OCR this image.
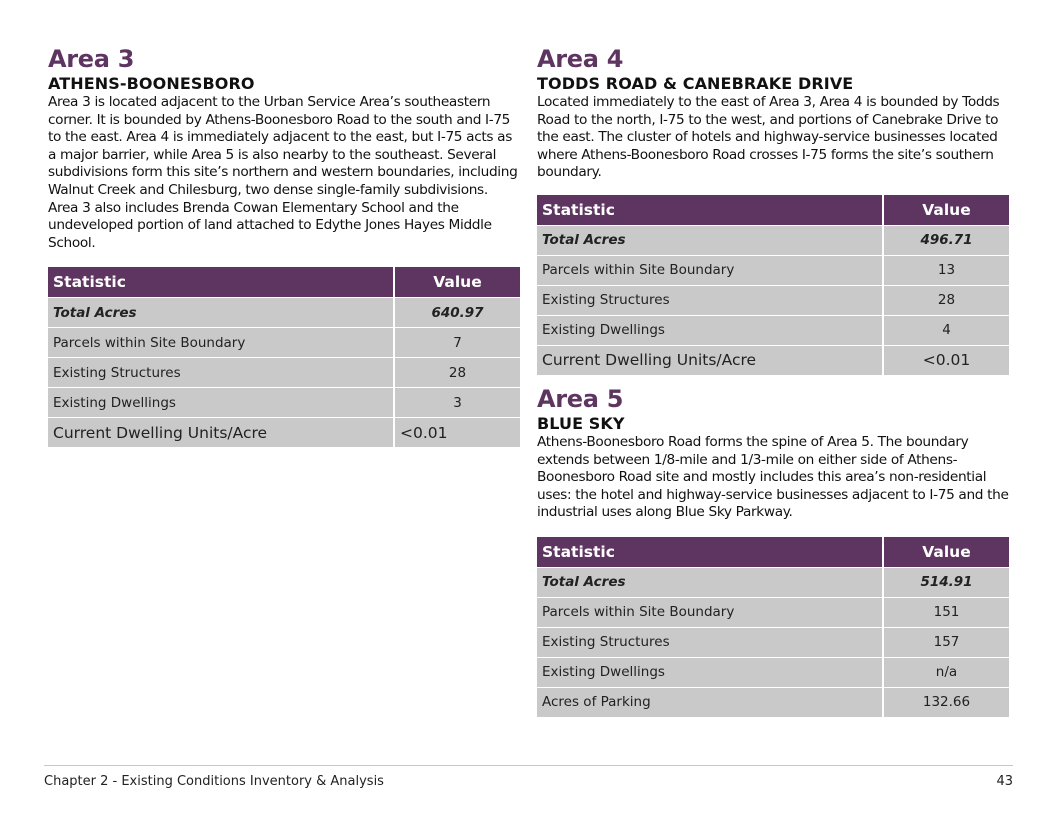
Area 3
ATHENS-BOONESBORO

Area 3 is located adjacent to the Urban Service Area’s southeastern corner. It is bounded by Athens-Boonesboro Road to the south and I-75 to the east. Area 4 is immediately adjacent to the east, but I-75 acts as a major barrier, while Area 5 is also nearby to the southeast. Several subdivisions form this site’s northern and western boundaries, including Walnut Creek and Chilesburg, two dense single-family subdivisions. Area 3 also includes Brenda Cowan Elementary School and the undeveloped portion of land attached to Edythe Jones Hayes Middle School.

Statistic	Value
Total Acres	640.97
Parcels within Site Boundary	7
Existing Structures	28
Existing Dwellings	3
Current Dwelling Units/Acre	<0.01
Area 4
TODDS ROAD & CANEBRAKE DRIVE

Located immediately to the east of Area 3, Area 4 is bounded by Todds Road to the north, I-75 to the west, and portions of Canebrake Drive to the east. The cluster of hotels and highway-service businesses located where Athens-Boonesboro Road crosses I-75 forms the site’s southern boundary.

Statistic	Value
Total Acres	496.71
Parcels within Site Boundary	13
Existing Structures	28
Existing Dwellings	4
Current Dwelling Units/Acre	<0.01
Area 5
BLUE SKY

Athens-Boonesboro Road forms the spine of Area 5. The boundary extends between 1/8-mile and 1/3-mile on either side of Athens-Boonesboro Road site and mostly includes this area’s non-residential uses: the hotel and highway-service businesses adjacent to I-75 and the industrial uses along Blue Sky Parkway.

Statistic	Value
Total Acres	514.91
Parcels within Site Boundary	151
Existing Structures	157
Existing Dwellings	n/a
Acres of Parking	132.66
Chapter 2 - Existing Conditions Inventory & Analysis	43
